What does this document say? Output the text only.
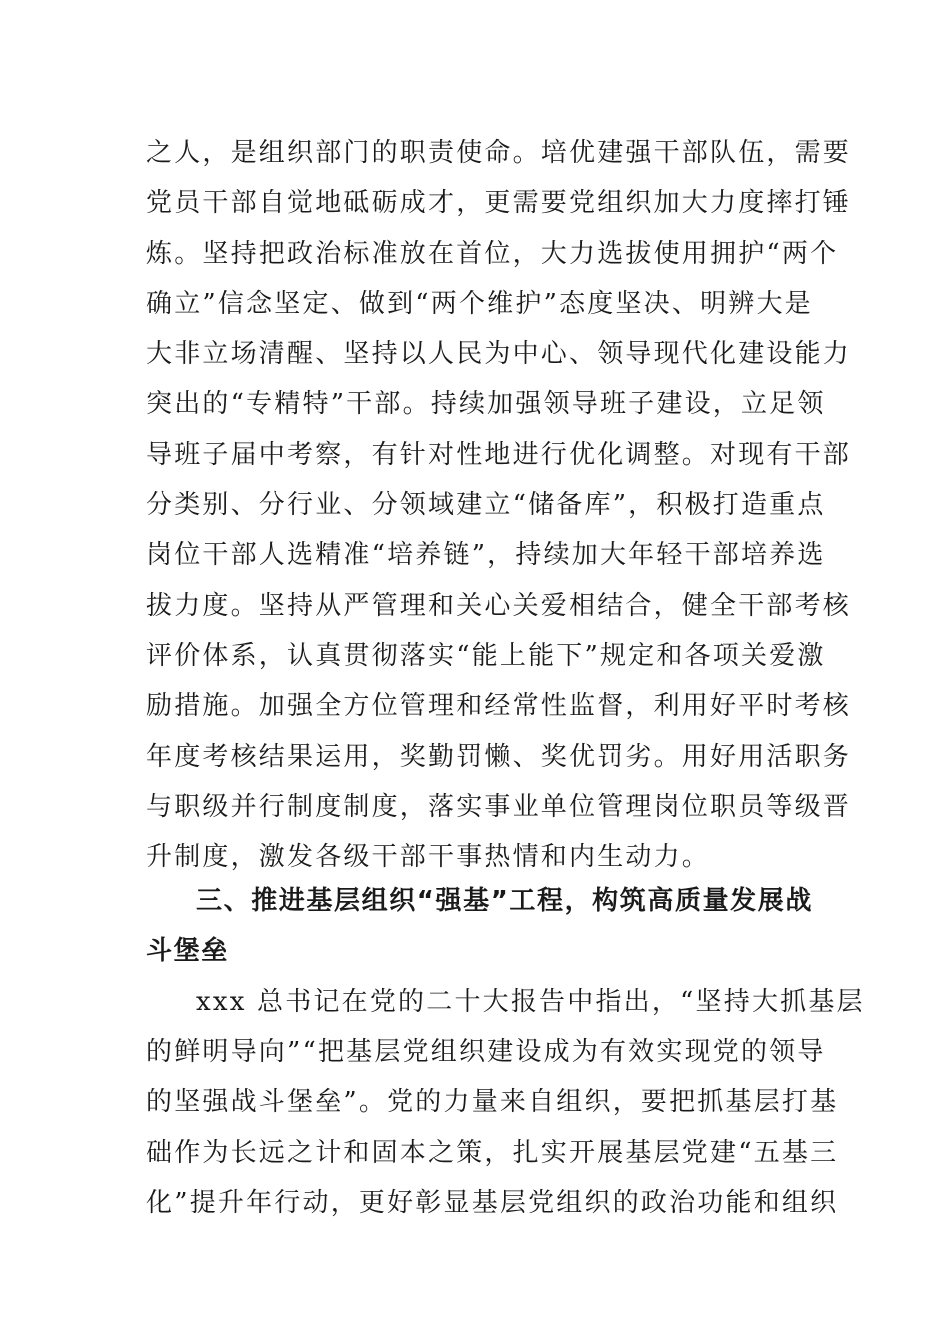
之人，是组织部门的职责使命。培优建强干部队伍，需要
党员干部自觉地砥砺成才，更需要党组织加大力度摔打锤
炼。坚持把政治标准放在首位，大力选拔使用拥护“两个
确立”信念坚定、做到“两个维护”态度坚决、明辨大是
大非立场清醒、坚持以人民为中心、领导现代化建设能力
突出的“专精特”干部。持续加强领导班子建设，立足领
导班子届中考察，有针对性地进行优化调整。对现有干部
分类别、分行业、分领域建立“储备库”，积极打造重点
岗位干部人选精准“培养链”，持续加大年轻干部培养选
拔力度。坚持从严管理和关心关爱相结合，健全干部考核
评价体系，认真贯彻落实“能上能下”规定和各项关爱激
励措施。加强全方位管理和经常性监督，利用好平时考核
年度考核结果运用，奖勤罚懒、奖优罚劣。用好用活职务
与职级并行制度制度，落实事业单位管理岗位职员等级晋
升制度，激发各级干部干事热情和内生动力。
三、推进基层组织“强基”工程，构筑高质量发展战
斗堡垒
xxx 总书记在党的二十大报告中指出，“坚持大抓基层
的鲜明导向”“把基层党组织建设成为有效实现党的领导
的坚强战斗堡垒”。党的力量来自组织，要把抓基层打基
础作为长远之计和固本之策，扎实开展基层党建“五基三
化”提升年行动，更好彰显基层党组织的政治功能和组织
